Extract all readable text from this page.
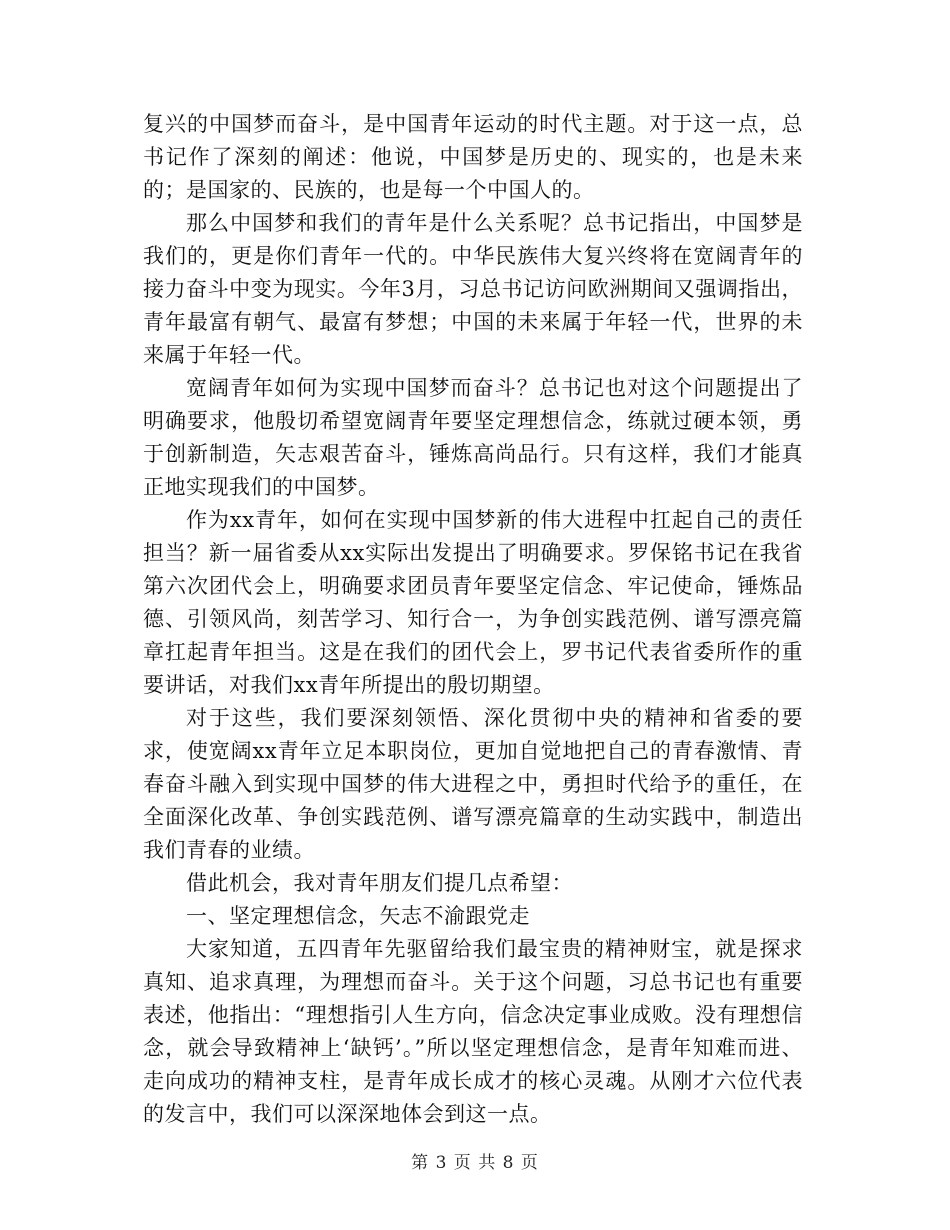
复兴的中国梦而奋斗，是中国青年运动的时代主题。对于这一点，总书记作了深刻的阐述：他说，中国梦是历史的、现实的，也是未来的；是国家的、民族的，也是每一个中国人的。

那么中国梦和我们的青年是什么关系呢？总书记指出，中国梦是我们的，更是你们青年一代的。中华民族伟大复兴终将在宽阔青年的接力奋斗中变为现实。今年3月，习总书记访问欧洲期间又强调指出，青年最富有朝气、最富有梦想；中国的未来属于年轻一代，世界的未来属于年轻一代。

宽阔青年如何为实现中国梦而奋斗？总书记也对这个问题提出了明确要求，他殷切希望宽阔青年要坚定理想信念，练就过硬本领，勇于创新制造，矢志艰苦奋斗，锤炼高尚品行。只有这样，我们才能真正地实现我们的中国梦。

作为xx青年，如何在实现中国梦新的伟大进程中扛起自己的责任担当？新一届省委从xx实际出发提出了明确要求。罗保铭书记在我省第六次团代会上，明确要求团员青年要坚定信念、牢记使命，锤炼品德、引领风尚，刻苦学习、知行合一，为争创实践范例、谱写漂亮篇章扛起青年担当。这是在我们的团代会上，罗书记代表省委所作的重要讲话，对我们xx青年所提出的殷切期望。

对于这些，我们要深刻领悟、深化贯彻中央的精神和省委的要求，使宽阔xx青年立足本职岗位，更加自觉地把自己的青春激情、青春奋斗融入到实现中国梦的伟大进程之中，勇担时代给予的重任，在全面深化改革、争创实践范例、谱写漂亮篇章的生动实践中，制造出我们青春的业绩。

借此机会，我对青年朋友们提几点希望：

一、坚定理想信念，矢志不渝跟党走

大家知道，五四青年先驱留给我们最宝贵的精神财宝，就是探求真知、追求真理，为理想而奋斗。关于这个问题，习总书记也有重要表述，他指出：“理想指引人生方向，信念决定事业成败。没有理想信念，就会导致精神上‘缺钙’。”所以坚定理想信念，是青年知难而进、走向成功的精神支柱，是青年成长成才的核心灵魂。从刚才六位代表的发言中，我们可以深深地体会到这一点。

第 3 页 共 8 页
